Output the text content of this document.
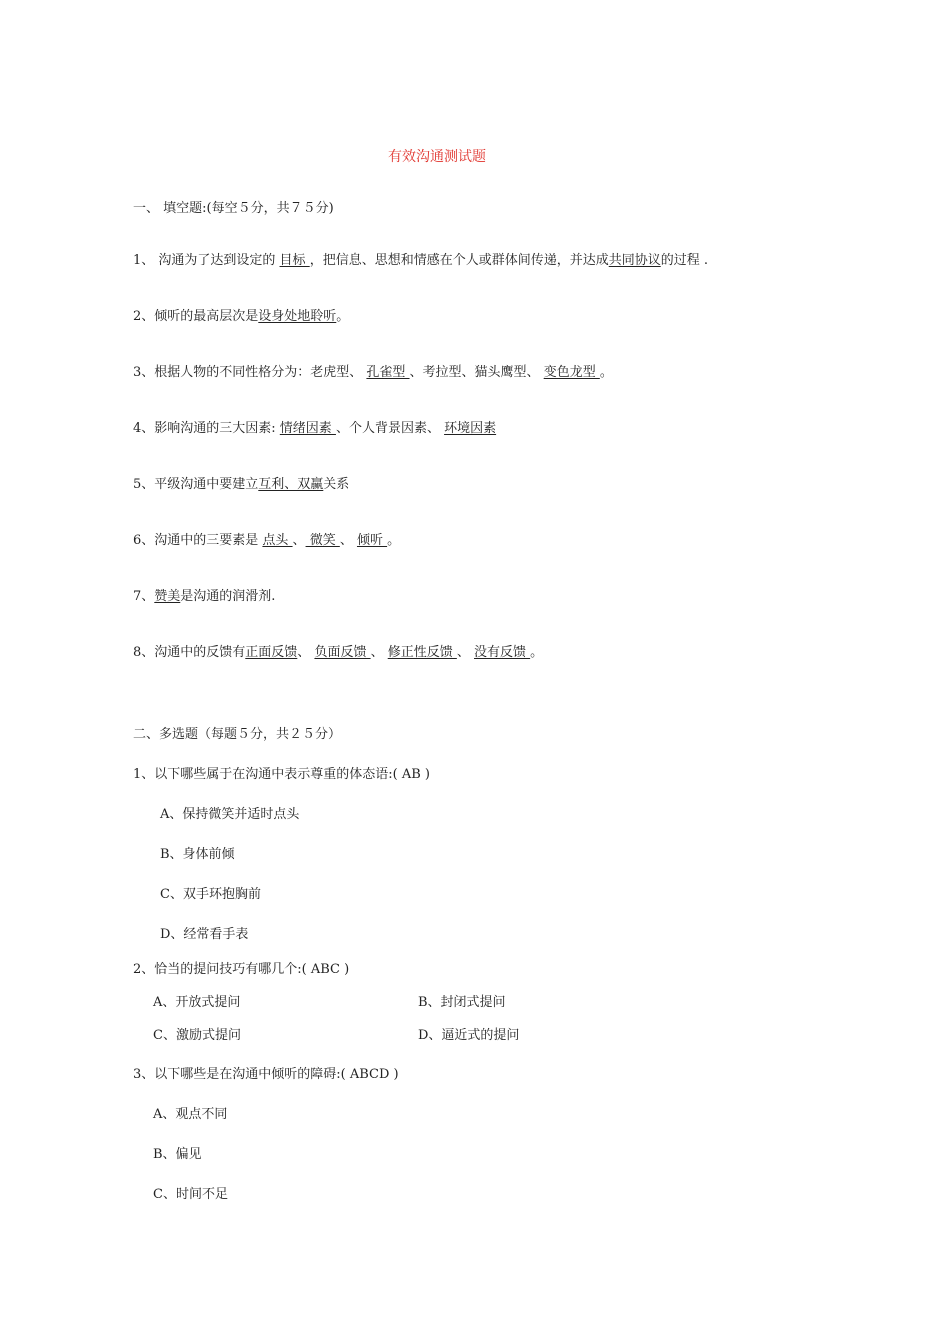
有效沟通测试题
一、 填空题:(每空５分，共７５分)
1、 沟通为了达到设定的 目标 ，把信息、思想和情感在个人或群体间传递，并达成共同协议的过程 .
2、倾听的最高层次是设身处地聆听。
3、根据人物的不同性格分为：老虎型、 孔雀型 、考拉型、猫头鹰型、 变色龙型 。
4、影响沟通的三大因素: 情绪因素 、个人背景因素、 环境因素
5、平级沟通中要建立互利、双赢关系
6、沟通中的三要素是 点头 、 微笑 、 倾听 。
7、赞美是沟通的润滑剂.
8、沟通中的反馈有正面反馈、 负面反馈 、 修正性反馈 、 没有反馈 。
二、多选题（每题５分，共２５分）
1、以下哪些属于在沟通中表示尊重的体态语:( AB )
A、保持微笑并适时点头
B、身体前倾
C、双手环抱胸前
D、经常看手表
2、恰当的提问技巧有哪几个:( ABC )
A、开放式提问	B、封闭式提问
C、激励式提问	D、逼近式的提问
3、以下哪些是在沟通中倾听的障碍:( ABCD )
A、观点不同
B、偏见
C、时间不足
